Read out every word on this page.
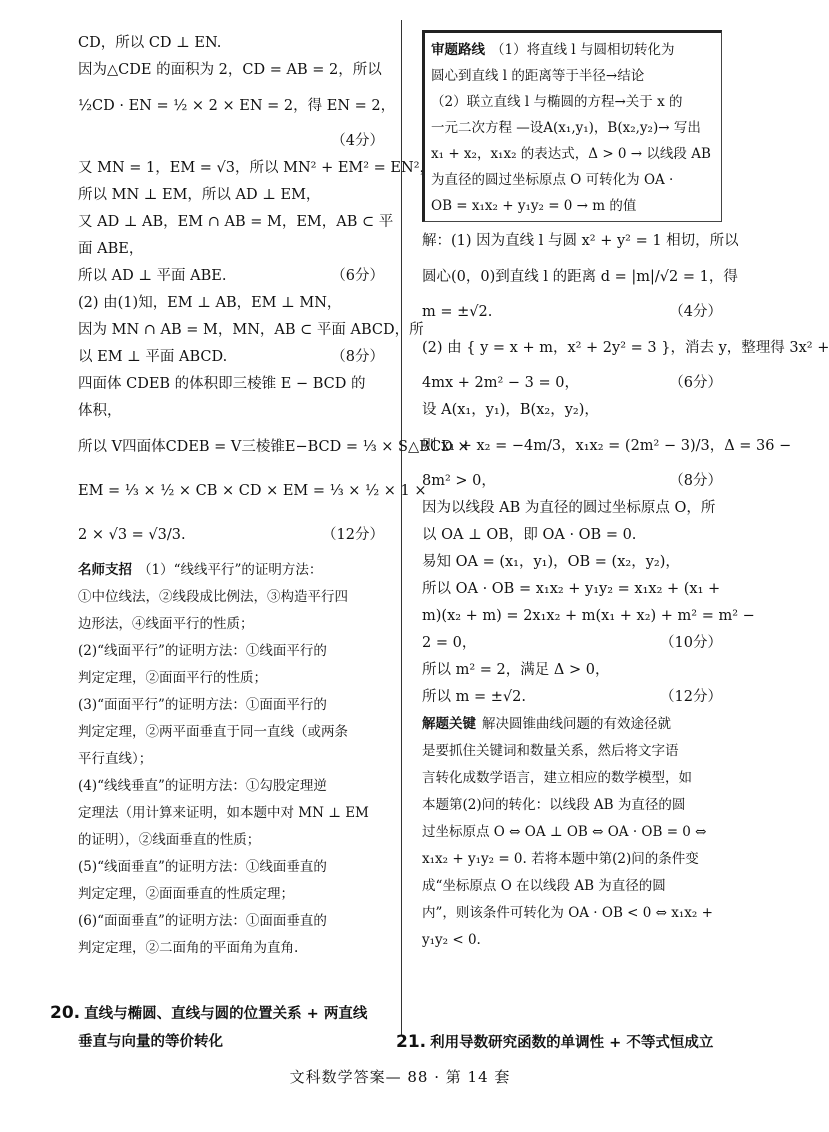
CD，所以 CD ⊥ EN.
因为△CDE 的面积为 2，CD = AB = 2，所以
½CD · EN = ½ × 2 × EN = 2，得 EN = 2，
（4分）
又 MN = 1，EM = √3，所以 MN² + EM² = EN²，
所以 MN ⊥ EM，所以 AD ⊥ EM，
又 AD ⊥ AB，EM ∩ AB = M，EM，AB ⊂ 平
面 ABE，
所以 AD ⊥ 平面 ABE.	（6分）
(2) 由(1)知，EM ⊥ AB，EM ⊥ MN，
因为 MN ∩ AB = M，MN，AB ⊂ 平面 ABCD，所
以 EM ⊥ 平面 ABCD.	（8分）
四面体 CDEB 的体积即三棱锥 E − BCD 的
体积，
所以 V四面体CDEB = V三棱锥E−BCD = ⅓ × S△BCD ×
EM = ⅓ × ½ × CB × CD × EM = ⅓ × ½ × 1 ×
2 × √3 = √3/3.	（12分）
名师支招 （1）“线线平行”的证明方法：
①中位线法，②线段成比例法，③构造平行四
边形法，④线面平行的性质；
(2)“线面平行”的证明方法：①线面平行的
判定定理，②面面平行的性质；
(3)“面面平行”的证明方法：①面面平行的
判定定理，②两平面垂直于同一直线（或两条
平行直线）；
(4)“线线垂直”的证明方法：①勾股定理逆
定理法（用计算来证明，如本题中对 MN ⊥ EM
的证明），②线面垂直的性质；
(5)“线面垂直”的证明方法：①线面垂直的
判定定理，②面面垂直的性质定理；
(6)“面面垂直”的证明方法：①面面垂直的
判定定理，②二面角的平面角为直角.
20. 直线与椭圆、直线与圆的位置关系 + 两直线
垂直与向量的等价转化
审题路线 （1）将直线 l 与圆相切转化为
圆心到直线 l 的距离等于半径→结论
（2）联立直线 l 与椭圆的方程→关于 x 的
一元二次方程 —设A(x₁,y₁)，B(x₂,y₂)→ 写出
x₁ + x₂，x₁x₂ 的表达式，Δ > 0 → 以线段 AB
为直径的圆过坐标原点 O 可转化为 OA ·
OB = x₁x₂ + y₁y₂ = 0 → m 的值
解：(1) 因为直线 l 与圆 x² + y² = 1 相切，所以
圆心(0，0)到直线 l 的距离 d = |m|/√2 = 1，得
m = ±√2.	（4分）
(2) 由 { y = x + m，x² + 2y² = 3 }，消去 y，整理得 3x² +
4mx + 2m² − 3 = 0，	（6分）
设 A(x₁，y₁)，B(x₂，y₂)，
则 x₁ + x₂ = −4m/3，x₁x₂ = (2m² − 3)/3，Δ = 36 −
8m² > 0，	（8分）
因为以线段 AB 为直径的圆过坐标原点 O，所
以 OA ⊥ OB，即 OA · OB = 0.
易知 OA = (x₁，y₁)，OB = (x₂，y₂)，
所以 OA · OB = x₁x₂ + y₁y₂ = x₁x₂ + (x₁ +
m)(x₂ + m) = 2x₁x₂ + m(x₁ + x₂) + m² = m² −
2 = 0，	（10分）
所以 m² = 2，满足 Δ > 0，
所以 m = ±√2.	（12分）
解题关键 解决圆锥曲线问题的有效途径就
是要抓住关键词和数量关系，然后将文字语
言转化成数学语言，建立相应的数学模型，如
本题第(2)问的转化：以线段 AB 为直径的圆
过坐标原点 O ⇔ OA ⊥ OB ⇔ OA · OB = 0 ⇔
x₁x₂ + y₁y₂ = 0. 若将本题中第(2)问的条件变
成“坐标原点 O 在以线段 AB 为直径的圆
内”，则该条件可转化为 OA · OB < 0 ⇔ x₁x₂ +
y₁y₂ < 0.
21. 利用导数研究函数的单调性 + 不等式恒成立
文科数学答案— 88 · 第 14 套
